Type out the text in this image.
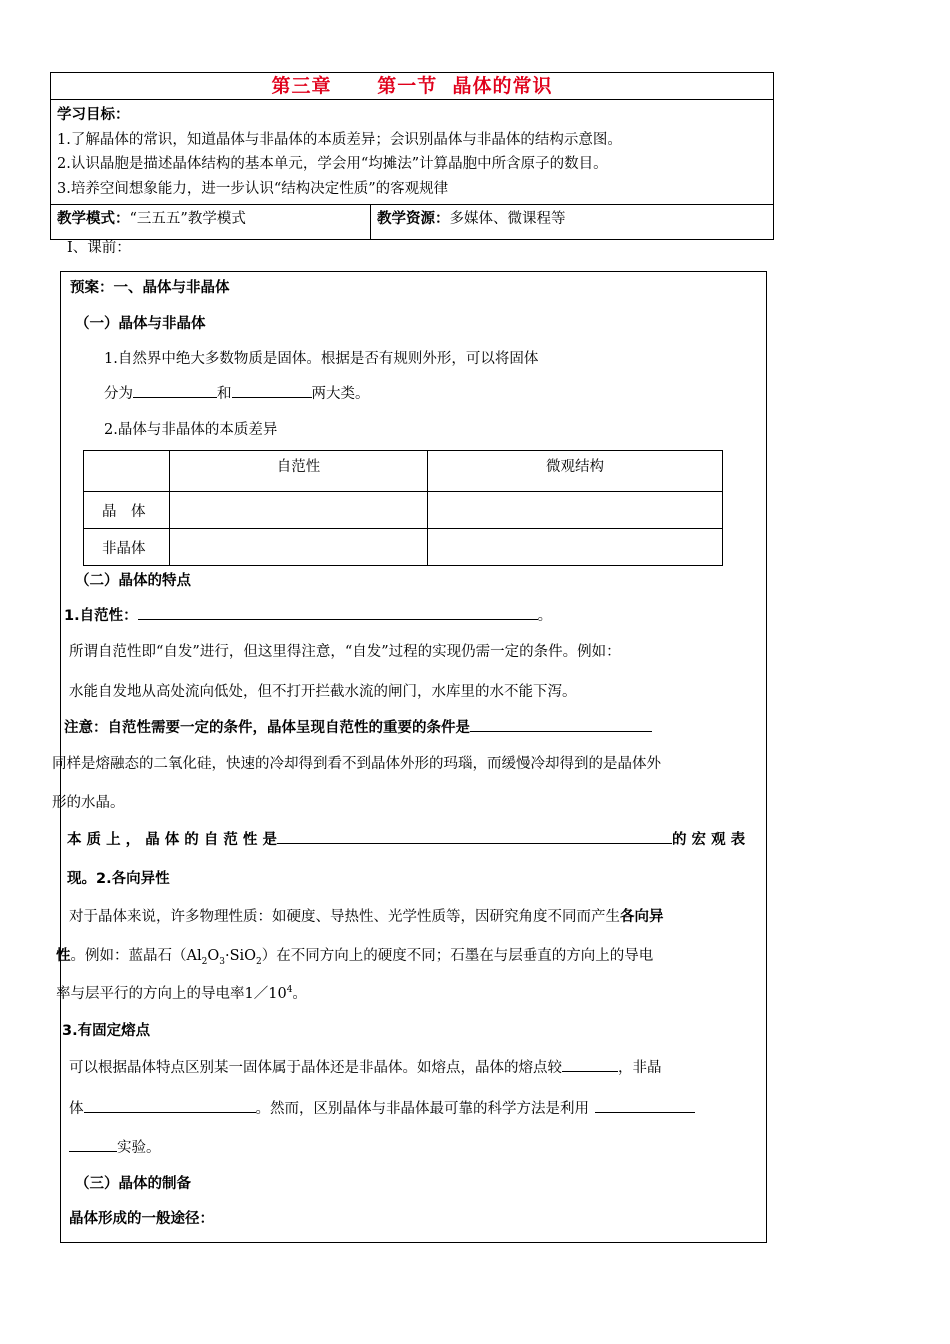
第三章 第一节  晶体的常识

学习目标：
1.了解晶体的常识，知道晶体与非晶体的本质差异；会识别晶体与非晶体的结构示意图。
2.认识晶胞是描述晶体结构的基本单元，学会用“均摊法”计算晶胞中所含原子的数目。
3.培养空间想象能力，进一步认识“结构决定性质”的客观规律

教学模式：“三五五”教学模式	教学资源：多媒体、微课程等
Ⅰ、课前：
预案：一、晶体与非晶体
（一）晶体与非晶体
1.自然界中绝大多数物质是固体。根据是否有规则外形，可以将固体
分为	和	两大类。
2.晶体与非晶体的本质差异
	自范性	微观结构
晶　体		
非晶体		
（二）晶体的特点
1.自范性：	。
所谓自范性即“自发”进行，但这里得注意，“自发”过程的实现仍需一定的条件。例如：
水能自发地从高处流向低处，但不打开拦截水流的闸门，水库里的水不能下泻。
注意：自范性需要一定的条件，晶体呈现自范性的重要的条件是
同样是熔融态的二氧化硅，快速的冷却得到看不到晶体外形的玛瑙，而缓慢冷却得到的是晶体外
形的水晶。
本 质 上 ， 晶 体 的 自 范 性 是	的 宏 观 表
现。2.各向异性
对于晶体来说，许多物理性质：如硬度、导热性、光学性质等，因研究角度不同而产生各向异
性。例如：蓝晶石$(Al_2O_3\cdot SiO_2)$在不同方向上的硬度不同；石墨在与层垂直的方向上的导电
率与层平行的方向上的导电率$1/10^4$。
3.有固定熔点
可以根据晶体特点区别某一固体属于晶体还是非晶体。如熔点，晶体的熔点较	，非晶
体	。然而，区别晶体与非晶体最可靠的科学方法是利用
实验。
（三）晶体的制备
晶体形成的一般途径：
